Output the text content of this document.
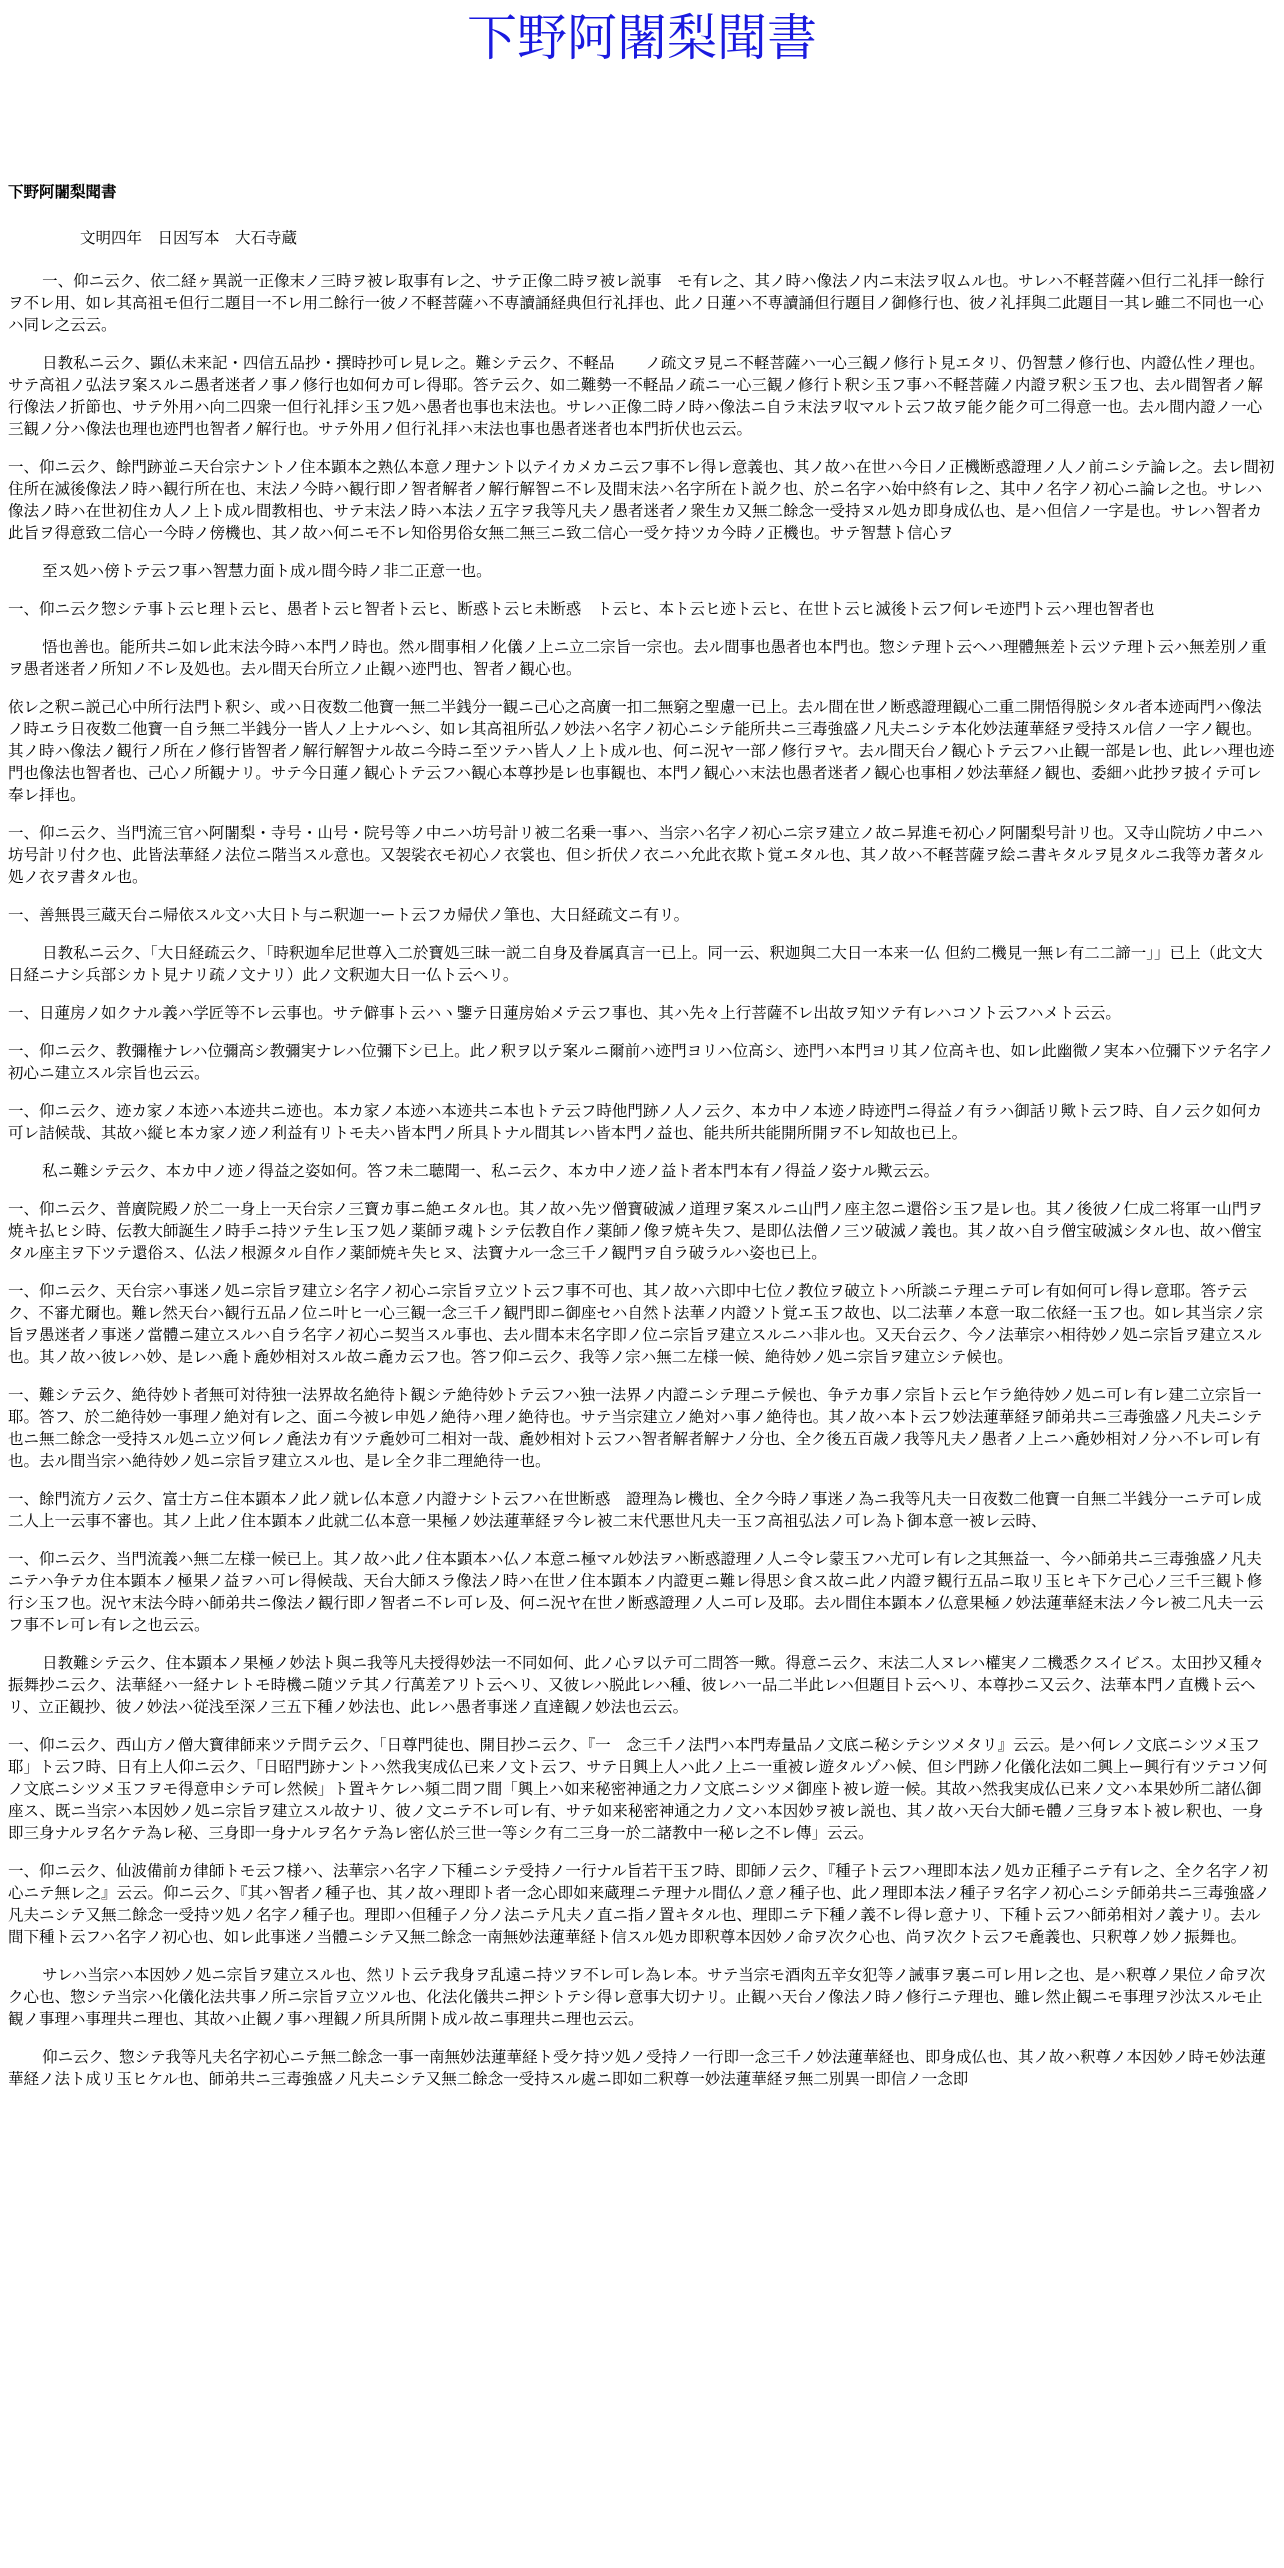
下野阿闍梨聞書
下野阿闍梨聞書

文明四年　日因写本　大石寺蔵

一、仰ニ云ク、依二経ヶ異説一正像末ノ三時ヲ被レ取事有レ之、サテ正像二時ヲ被レ説事　モ有レ之、其ノ時ハ像法ノ内ニ末法ヲ収ムル也。サレハ不軽菩薩ハ但行二礼拝一餘行ヲ不レ用、如レ其高祖モ但行二題目一不レ用二餘行一彼ノ不軽菩薩ハ不専讀誦経典但行礼拝也、此ノ日蓮ハ不専讀誦但行題目ノ御修行也、彼ノ礼拝與二此題目一其レ雖二不同也一心ハ同レ之云云。

日教私ニ云ク、顕仏未来記・四信五品抄・撰時抄可レ見レ之。難シテ云ク、不軽品　　ノ疏文ヲ見ニ不軽菩薩ハ一心三観ノ修行ト見エタリ、仍智慧ノ修行也、内證仏性ノ理也。サテ高祖ノ弘法ヲ案スルニ愚者迷者ノ事ノ修行也如何カ可レ得耶。答テ云ク、如二難勢一不軽品ノ疏ニ一心三観ノ修行ト釈シ玉フ事ハ不軽菩薩ノ内證ヲ釈シ玉フ也、去ル間智者ノ解行像法ノ折節也、サテ外用ハ向二四衆一但行礼拝シ玉フ処ハ愚者也事也末法也。サレハ正像二時ノ時ハ像法ニ自ラ末法ヲ収マルト云フ故ヲ能ク能ク可二得意一也。去ル間内證ノ一心三観ノ分ハ像法也理也迹門也智者ノ解行也。サテ外用ノ但行礼拝ハ末法也事也愚者迷者也本門折伏也云云。

一、仰ニ云ク、餘門跡並ニ天台宗ナントノ住本顕本之熟仏本意ノ理ナント以テイカメカニ云フ事不レ得レ意義也、其ノ故ハ在世ハ今日ノ正機断惑證理ノ人ノ前ニシテ論レ之。去レ間初住所在滅後像法ノ時ハ観行所在也、末法ノ今時ハ観行即ノ智者解者ノ解行解智ニ不レ及間末法ハ名字所在ト説ク也、於ニ名字ハ始中終有レ之、其中ノ名字ノ初心ニ論レ之也。サレハ像法ノ時ハ在世初住カ人ノ上ト成ル間教相也、サテ末法ノ時ハ本法ノ五字ヲ我等凡夫ノ愚者迷者ノ衆生カ又無二餘念一受持ヌル処カ即身成仏也、是ハ但信ノ一字是也。サレハ智者カ此旨ヲ得意致二信心一今時ノ傍機也、其ノ故ハ何ニモ不レ知俗男俗女無二無三ニ致二信心一受ケ持ツカ今時ノ正機也。サテ智慧ト信心ヲ

至ス処ハ傍トテ云フ事ハ智慧力面ト成ル間今時ノ非二正意一也。

一、仰ニ云ク惣シテ事ト云ヒ理ト云ヒ、愚者ト云ヒ智者ト云ヒ、断惑ト云ヒ未断惑　ト云ヒ、本ト云ヒ迹ト云ヒ、在世ト云ヒ滅後ト云フ何レモ迹門ト云ハ理也智者也

悟也善也。能所共ニ如レ此末法今時ハ本門ノ時也。然ル間事相ノ化儀ノ上ニ立二宗旨一宗也。去ル間事也愚者也本門也。惣シテ理ト云ヘハ理體無差ト云ツテ理ト云ハ無差別ノ重ヲ愚者迷者ノ所知ノ不レ及処也。去ル間天台所立ノ止観ハ迹門也、智者ノ観心也。

依レ之釈ニ説己心中所行法門ト釈シ、或ハ日夜数二他寶一無二半銭分一観ニ己心之高廣一扣二無窮之聖慮一已上。去ル間在世ノ断惑證理観心二重二開悟得脱シタル者本迹両門ハ像法ノ時エラ日夜数二他寶一自ラ無二半銭分一皆人ノ上ナルヘシ、如レ其高祖所弘ノ妙法ハ名字ノ初心ニシテ能所共ニ三毒強盛ノ凡夫ニシテ本化妙法蓮華経ヲ受持スル信ノ一字ノ観也。其ノ時ハ像法ノ観行ノ所在ノ修行皆智者ノ解行解智ナル故ニ今時ニ至ツテハ皆人ノ上ト成ル也、何ニ況ヤ一部ノ修行ヲヤ。去ル間天台ノ観心トテ云フハ止観一部是レ也、此レハ理也迹門也像法也智者也、己心ノ所観ナリ。サテ今日蓮ノ観心トテ云フハ観心本尊抄是レ也事観也、本門ノ観心ハ末法也愚者迷者ノ観心也事相ノ妙法華経ノ観也、委細ハ此抄ヲ披イテ可レ奉レ拝也。

一、仰ニ云ク、当門流三官ハ阿闍梨・寺号・山号・院号等ノ中ニハ坊号計リ被二名乗一事ハ、当宗ハ名字ノ初心ニ宗ヲ建立ノ故ニ昇進モ初心ノ阿闍梨号計リ也。又寺山院坊ノ中ニハ坊号計リ付ク也、此皆法華経ノ法位ニ階当スル意也。又袈裟衣モ初心ノ衣裳也、但シ折伏ノ衣ニハ允此衣欺ト覚エタル也、其ノ故ハ不軽菩薩ヲ絵ニ書キタルヲ見タルニ我等カ著タル処ノ衣ヲ書タル也。

一、善無畏三蔵天台ニ帰依スル文ハ大日ト与ニ釈迦一ート云フカ帰伏ノ筆也、大日経疏文ニ有リ。

日教私ニ云ク、「大日経疏云ク、「時釈迦牟尼世尊入二於寶処三昧一説二自身及眷属真言一已上。同一云、釈迦與二大日一本来一仏 但約二機見一無レ有二二諦一」」已上（此文大日経ニナシ兵部シカト見ナリ疏ノ文ナリ）此ノ文釈迦大日一仏ト云ヘリ。

一、日蓮房ノ如クナル義ハ学匠等不レ云事也。サテ僻事ト云ハヽ鑒テ日蓮房始メテ云フ事也、其ハ先々上行菩薩不レ出故ヲ知ツテ有レハコソト云フハメト云云。

一、仰ニ云ク、教彌権ナレハ位彌高シ教彌実ナレハ位彌下シ已上。此ノ釈ヲ以テ案ルニ爾前ハ迹門ヨリハ位高シ、迹門ハ本門ヨリ其ノ位高キ也、如レ此幽微ノ実本ハ位彌下ツテ名字ノ初心ニ建立スル宗旨也云云。

一、仰ニ云ク、迹カ家ノ本迹ハ本迹共ニ迹也。本カ家ノ本迹ハ本迹共ニ本也トテ云フ時他門跡ノ人ノ云ク、本カ中ノ本迹ノ時迹門ニ得益ノ有ラハ御話リ歟ト云フ時、自ノ云ク如何カ可レ詰候哉、其故ハ縦ヒ本カ家ノ迹ノ利益有リトモ夫ハ皆本門ノ所具トナル間其レハ皆本門ノ益也、能共所共能開所開ヲ不レ知故也已上。

私ニ難シテ云ク、本カ中ノ迹ノ得益之姿如何。答フ未二聴聞一、私ニ云ク、本カ中ノ迹ノ益ト者本門本有ノ得益ノ姿ナル歟云云。

一、仰ニ云ク、普廣院殿ノ於二一身上一天台宗ノ三寶カ事ニ絶エタル也。其ノ故ハ先ツ僧寶破滅ノ道理ヲ案スルニ山門ノ座主忽ニ還俗シ玉フ是レ也。其ノ後彼ノ仁成二将軍一山門ヲ焼キ払ヒシ時、伝教大師誕生ノ時手ニ持ツテ生レ玉フ処ノ薬師ヲ魂トシテ伝教自作ノ薬師ノ像ヲ焼キ失フ、是即仏法僧ノ三ツ破滅ノ義也。其ノ故ハ自ラ僧宝破滅シタル也、故ハ僧宝タル座主ヲ下ツテ還俗ス、仏法ノ根源タル自作ノ薬師焼キ失ヒヌ、法寶ナル一念三千ノ観門ヲ自ラ破ラルハ姿也已上。

一、仰ニ云ク、天台宗ハ事迷ノ処ニ宗旨ヲ建立シ名字ノ初心ニ宗旨ヲ立ツト云フ事不可也、其ノ故ハ六即中七位ノ教位ヲ破立トハ所談ニテ理ニテ可レ有如何可レ得レ意耶。答テ云ク、不審尤爾也。難レ然天台ハ観行五品ノ位ニ叶ヒ一心三観一念三千ノ観門即ニ御座セハ自然ト法華ノ内證ソト覚エ玉フ故也、以二法華ノ本意一取二依経一玉フ也。如レ其当宗ノ宗旨ヲ愚迷者ノ事迷ノ當體ニ建立スルハ自ラ名字ノ初心ニ契当スル事也、去ル間本末名字即ノ位ニ宗旨ヲ建立スルニハ非ル也。又天台云ク、今ノ法華宗ハ相待妙ノ処ニ宗旨ヲ建立スル也。其ノ故ハ彼レハ妙、是レハ麁ト麁妙相対スル故ニ麁カ云フ也。答フ仰ニ云ク、我等ノ宗ハ無二左様一候、絶待妙ノ処ニ宗旨ヲ建立シテ候也。

一、難シテ云ク、絶待妙ト者無可対待独一法界故名絶待ト観シテ絶待妙トテ云フハ独一法界ノ内證ニシテ理ニテ候也、争テカ事ノ宗旨ト云ヒ乍ラ絶待妙ノ処ニ可レ有レ建二立宗旨一耶。答フ、於二絶待妙一事理ノ絶対有レ之、面ニ今被レ申処ノ絶待ハ理ノ絶待也。サテ当宗建立ノ絶対ハ事ノ絶待也。其ノ故ハ本ト云フ妙法蓮華経ヲ師弟共ニ三毒強盛ノ凡夫ニシテ也ニ無二餘念一受持スル処ニ立ツ何レノ麁法カ有ツテ麁妙可二相対一哉、麁妙相対ト云フハ智者解者解ナノ分也、全ク後五百歳ノ我等凡夫ノ愚者ノ上ニハ麁妙相対ノ分ハ不レ可レ有也。去ル間当宗ハ絶待妙ノ処ニ宗旨ヲ建立スル也、是レ全ク非二理絶待一也。

一、餘門流方ノ云ク、富士方ニ住本顕本ノ此ノ就レ仏本意ノ内證ナシト云フハ在世断惑　證理為レ機也、全ク今時ノ事迷ノ為ニ我等凡夫一日夜数二他寶一自無二半銭分一ニテ可レ成二人上一云事不審也。其ノ上此ノ住本顕本ノ此就二仏本意一果極ノ妙法蓮華経ヲ今レ被二末代悪世凡夫一玉フ高祖弘法ノ可レ為ト御本意一被レ云時、

一、仰ニ云ク、当門流義ハ無二左様一候已上。其ノ故ハ此ノ住本顕本ハ仏ノ本意ニ極マル妙法ヲハ断惑證理ノ人ニ令レ蒙玉フハ尤可レ有レ之其無益一、今ハ師弟共ニ三毒強盛ノ凡夫ニテハ争テカ住本顕本ノ極果ノ益ヲハ可レ得候哉、天台大師スラ像法ノ時ハ在世ノ住本顕本ノ内證更ニ難レ得思シ食ス故ニ此ノ内證ヲ観行五品ニ取リ玉ヒキ下ケ己心ノ三千三観ト修行シ玉フ也。況ヤ末法今時ハ師弟共ニ像法ノ観行即ノ智者ニ不レ可レ及、何ニ況ヤ在世ノ断惑證理ノ人ニ可レ及耶。去ル間住本顕本ノ仏意果極ノ妙法蓮華経末法ノ今レ被二凡夫一云フ事不レ可レ有レ之也云云。

日教難シテ云ク、住本顕本ノ果極ノ妙法ト與ニ我等凡夫授得妙法一不同如何、此ノ心ヲ以テ可二問答一歟。得意ニ云ク、末法二人ヌレハ權実ノ二機悉クスイビス。太田抄又種々振舞抄ニ云ク、法華経ハ一経ナレトモ時機ニ随ツテ其ノ行萬差アリト云ヘリ、又彼レハ脱此レハ種、彼レハ一品二半此レハ但題目ト云ヘリ、本尊抄ニ又云ク、法華本門ノ直機ト云ヘリ、立正観抄、彼ノ妙法ハ従浅至深ノ三五下種ノ妙法也、此レハ愚者事迷ノ直達観ノ妙法也云云。

一、仰ニ云ク、西山方ノ僧大寶律師来ツテ問テ云ク、「日尊門徒也、開目抄ニ云ク、『一　念三千ノ法門ハ本門寿量品ノ文底ニ秘シテシツメタリ』云云。是ハ何レノ文底ニシツメ玉フ耶」ト云フ時、日有上人仰ニ云ク、「日昭門跡ナントハ然我実成仏已来ノ文ト云フ、サテ日興上人ハ此ノ上ニ一重被レ遊タルゾハ候、但シ門跡ノ化儀化法如二興上ー興行有ツテコソ何ノ文底ニシツメ玉フヲモ得意申シテ可レ然候」ト置キケレハ頻二問フ間「興上ハ如来秘密神通之力ノ文底ニシツメ御座ト被レ遊一候。其故ハ然我実成仏已来ノ文ハ本果妙所二諸仏御座ス、既ニ当宗ハ本因妙ノ処ニ宗旨ヲ建立スル故ナリ、彼ノ文ニテ不レ可レ有、サテ如来秘密神通之力ノ文ハ本因妙ヲ被レ説也、其ノ故ハ天台大師モ體ノ三身ヲ本ト被レ釈也、一身即三身ナルヲ名ケテ為レ秘、三身即一身ナルヲ名ケテ為レ密仏於三世一等シク有二三身一於二諸教中一秘レ之不レ傳」云云。

一、仰ニ云ク、仙波備前カ律師トモ云フ様ハ、法華宗ハ名字ノ下種ニシテ受持ノ一行ナル旨若干玉フ時、即師ノ云ク、『種子ト云フハ理即本法ノ処カ正種子ニテ有レ之、全ク名字ノ初心ニテ無レ之』云云。仰ニ云ク、『其ハ智者ノ種子也、其ノ故ハ理即ト者一念心即如来蔵理ニテ理ナル間仏ノ意ノ種子也、此ノ理即本法ノ種子ヲ名字ノ初心ニシテ師弟共ニ三毒強盛ノ凡夫ニシテ又無二餘念一受持ツ処ノ名字ノ種子也。理即ハ但種子ノ分ノ法ニテ凡夫ノ直ニ指ノ置キタル也、理即ニテ下種ノ義不レ得レ意ナリ、下種ト云フハ師弟相対ノ義ナリ。去ル間下種ト云フハ名字ノ初心也、如レ此事迷ノ当體ニシテ又無二餘念一南無妙法蓮華経ト信スル処カ即釈尊本因妙ノ命ヲ次ク心也、尚ヲ次クト云フモ麁義也、只釈尊ノ妙ノ振舞也。

サレハ当宗ハ本因妙ノ処ニ宗旨ヲ建立スル也、然リト云テ我身ヲ乱遠ニ持ツヲ不レ可レ為レ本。サテ当宗モ酒肉五辛女犯等ノ誡事ヲ裏ニ可レ用レ之也、是ハ釈尊ノ果位ノ命ヲ次ク心也、惣シテ当宗ハ化儀化法共事ノ所ニ宗旨ヲ立ツル也、化法化儀共ニ押シトテシ得レ意事大切ナリ。止観ハ天台ノ像法ノ時ノ修行ニテ理也、雖レ然止観ニモ事理ヲ沙汰スルモ止観ノ事理ハ事理共ニ理也、其故ハ止観ノ事ハ理観ノ所具所開ト成ル故ニ事理共ニ理也云云。

仰ニ云ク、惣シテ我等凡夫名字初心ニテ無二餘念一事一南無妙法蓮華経ト受ケ持ツ処ノ受持ノ一行即一念三千ノ妙法蓮華経也、即身成仏也、其ノ故ハ釈尊ノ本因妙ノ時モ妙法蓮華経ノ法ト成リ玉ヒケル也、師弟共ニ三毒強盛ノ凡夫ニシテ又無二餘念一受持スル處ニ即如二釈尊一妙法蓮華経ヲ無二別異一即信ノ一念即
